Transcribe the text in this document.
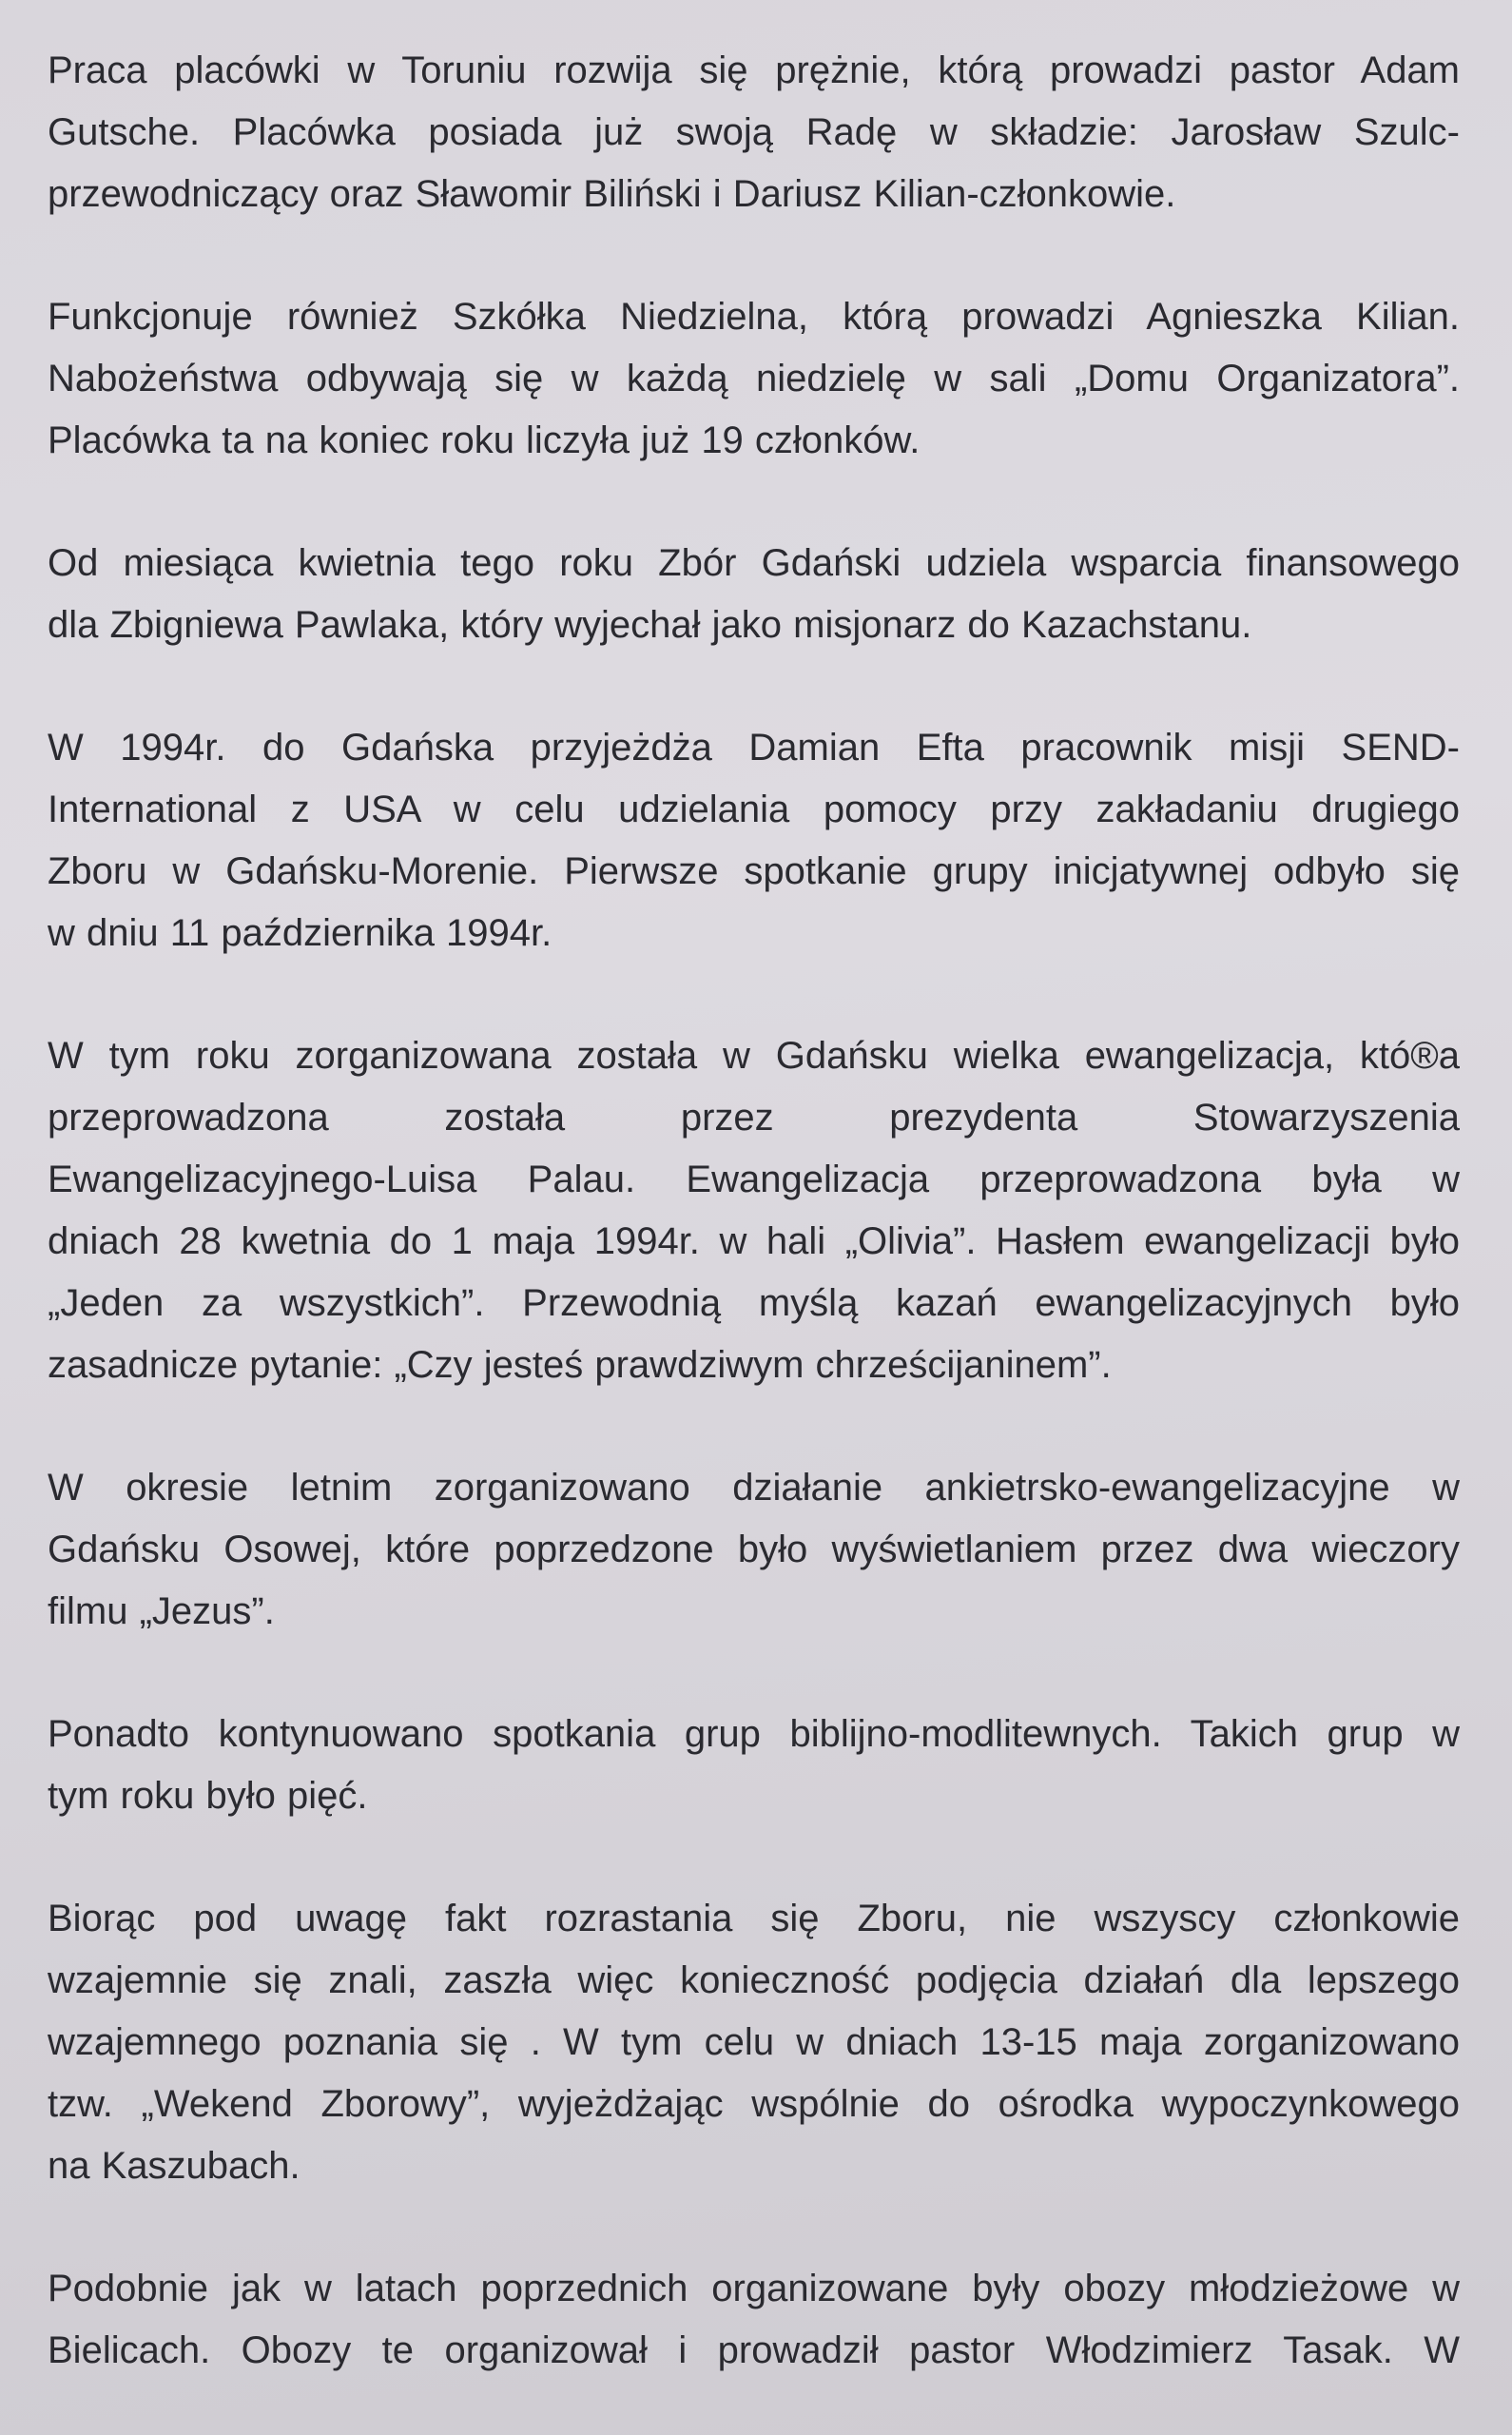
Praca placówki w Toruniu rozwija się prężnie, którą prowadzi pastor Adam
Gutsche. Placówka posiada już swoją Radę w składzie: Jarosław Szulc-
przewodniczący oraz Sławomir Biliński i Dariusz Kilian-członkowie.

Funkcjonuje również Szkółka Niedzielna, którą prowadzi Agnieszka Kilian.
Nabożeństwa odbywają się w każdą niedzielę w sali „Domu Organizatora”.
Placówka ta na koniec roku liczyła już 19 członków.

Od miesiąca kwietnia tego roku Zbór Gdański udziela wsparcia finansowego
dla Zbigniewa Pawlaka, który wyjechał jako misjonarz do Kazachstanu.

W 1994r. do Gdańska przyjeżdża Damian Efta pracownik misji SEND-
International z USA w celu udzielania pomocy przy zakładaniu drugiego
Zboru w Gdańsku-Morenie. Pierwsze spotkanie grupy inicjatywnej odbyło się
w dniu 11 października 1994r.

W tym roku zorganizowana została w Gdańsku wielka ewangelizacja, któ®a
przeprowadzona została przez prezydenta Stowarzyszenia
Ewangelizacyjnego-Luisa Palau. Ewangelizacja przeprowadzona była w
dniach 28 kwetnia do 1 maja 1994r. w hali „Olivia”. Hasłem ewangelizacji było
„Jeden za wszystkich”. Przewodnią myślą kazań ewangelizacyjnych było
zasadnicze pytanie: „Czy jesteś prawdziwym chrześcijaninem”.

W okresie letnim zorganizowano działanie ankietrsko-ewangelizacyjne w
Gdańsku Osowej, które poprzedzone było wyświetlaniem przez dwa wieczory
filmu „Jezus”.

Ponadto kontynuowano spotkania grup biblijno-modlitewnych. Takich grup w
tym roku było pięć.

Biorąc pod uwagę fakt rozrastania się Zboru, nie wszyscy członkowie
wzajemnie się znali, zaszła więc konieczność podjęcia działań dla lepszego
wzajemnego poznania się . W tym celu w dniach 13-15 maja zorganizowano
tzw. „Wekend Zborowy”, wyjeżdżając wspólnie do ośrodka wypoczynkowego
na Kaszubach.

Podobnie jak w latach poprzednich organizowane były obozy młodzieżowe w
Bielicach. Obozy te organizował i prowadził pastor Włodzimierz Tasak. W
